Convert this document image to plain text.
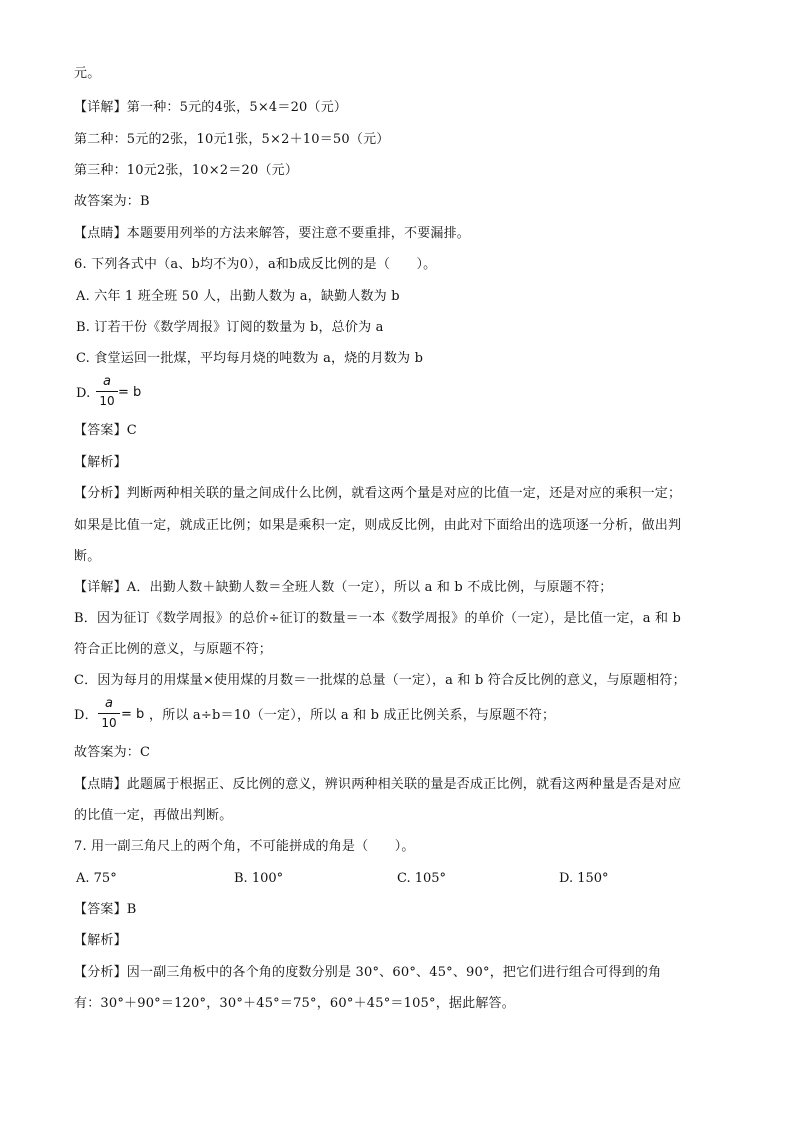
元。
【详解】第一种：5元的4张，5×4＝20（元）
第二种：5元的2张，10元1张，5×2＋10＝50（元）
第三种：10元2张，10×2＝20（元）
故答案为：B
【点睛】本题要用列举的方法来解答，要注意不要重排，不要漏排。
6. 下列各式中（a、b均不为0），a和b成反比例的是（　　）。
A. 六年 1 班全班 50 人，出勤人数为 a，缺勤人数为 b
B. 订若干份《数学周报》订阅的数量为 b，总价为 a
C. 食堂运回一批煤，平均每月烧的吨数为 a，烧的月数为 b
D.
a
10
= b
【答案】C
【解析】
【分析】判断两种相关联的量之间成什么比例，就看这两个量是对应的比值一定，还是对应的乘积一定；
如果是比值一定，就成正比例；如果是乘积一定，则成反比例，由此对下面给出的选项逐一分析，做出判
断。
【详解】A．出勤人数＋缺勤人数＝全班人数（一定），所以 a 和 b 不成比例，与原题不符；
B．因为征订《数学周报》的总价÷征订的数量＝一本《数学周报》的单价（一定），是比值一定，a 和 b
符合正比例的意义，与原题不符；
C．因为每月的用煤量×使用煤的月数＝一批煤的总量（一定），a 和 b 符合反比例的意义，与原题相符；
D．
a
10
= b ，所以 a÷b＝10（一定），所以 a 和 b 成正比例关系，与原题不符；
故答案为：C
【点睛】此题属于根据正、反比例的意义，辨识两种相关联的量是否成正比例，就看这两种量是否是对应
的比值一定，再做出判断。
7. 用一副三角尺上的两个角，不可能拼成的角是（　　）。
A. 75°	B. 100°	C. 105°	D. 150°
【答案】B
【解析】
【分析】因一副三角板中的各个角的度数分别是 30°、60°、45°、90°，把它们进行组合可得到的角
有：30°＋90°＝120°，30°＋45°＝75°，60°＋45°＝105°，据此解答。
